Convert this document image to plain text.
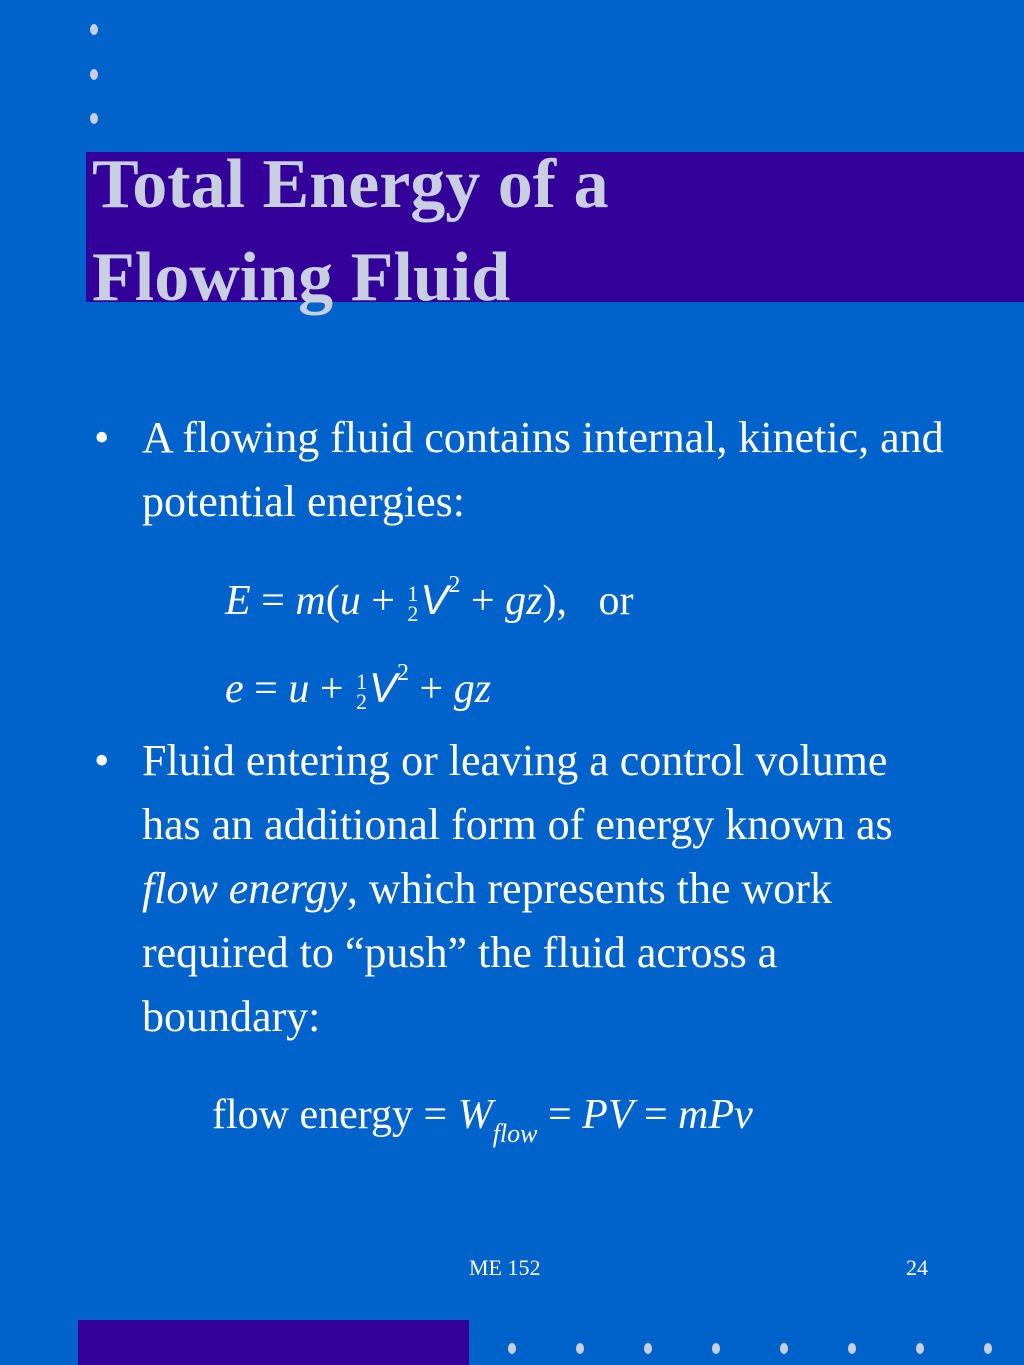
Total Energy of a
Flowing Fluid
• A flowing fluid contains internal, kinetic, and potential energies:
E = m(u + 1
2 $V^2 + gz$), or
e = u + 1
2 $V^2$ + gz
• Fluid entering or leaving a control volume has an additional form of energy known as flow energy, which represents the work required to “push” the fluid across a boundary:
flow energy = $W_{flow}$ = PV = mPv
ME 152	24
